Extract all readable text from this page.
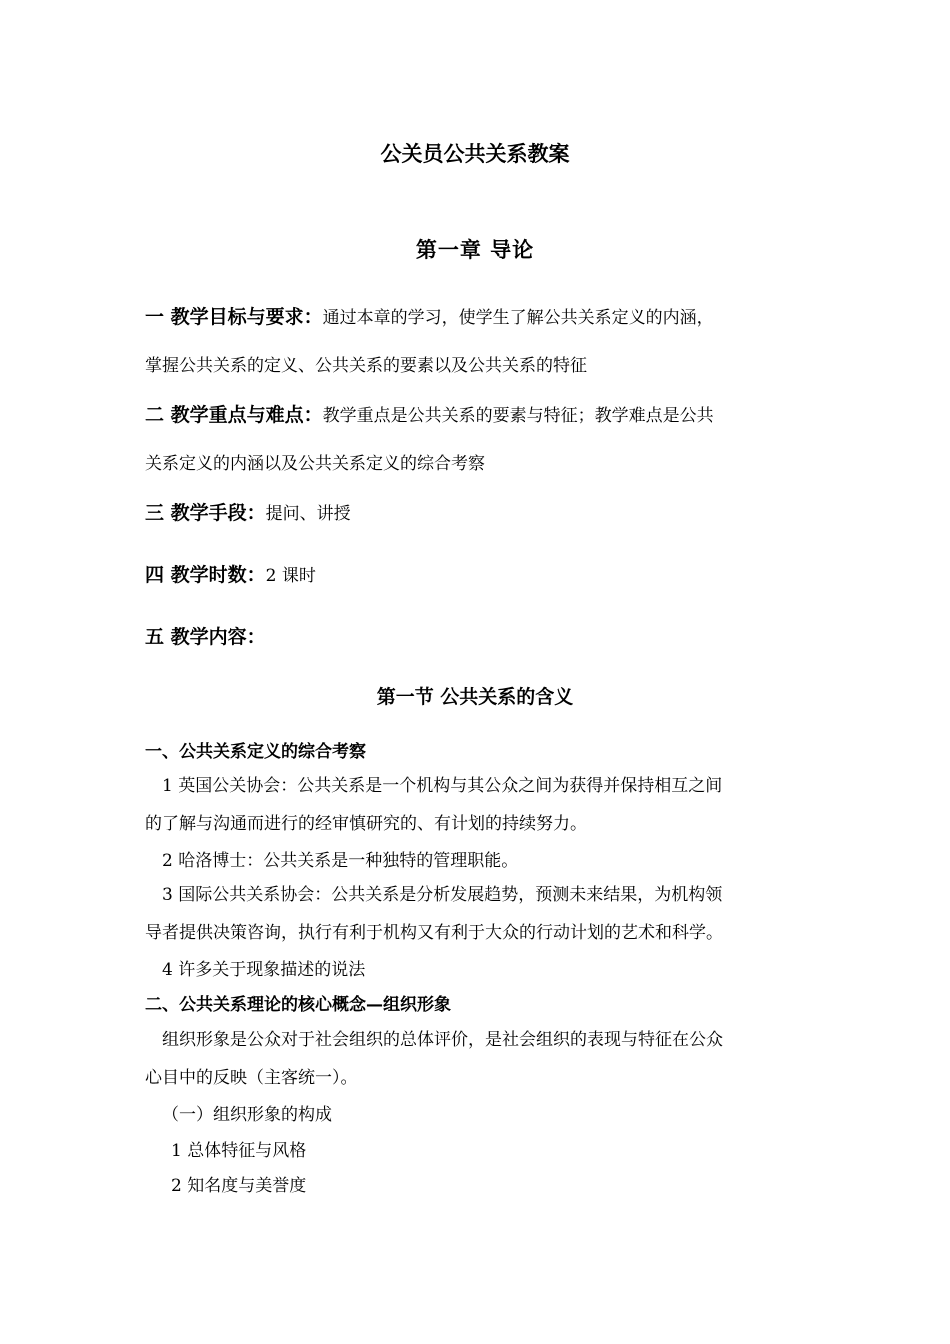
公关员公共关系教案
第一章 导论
一 教学目标与要求：通过本章的学习，使学生了解公共关系定义的内涵，
掌握公共关系的定义、公共关系的要素以及公共关系的特征
二 教学重点与难点：教学重点是公共关系的要素与特征；教学难点是公共
关系定义的内涵以及公共关系定义的综合考察
三 教学手段：提问、讲授
四 教学时数：2 课时
五 教学内容：
第一节 公共关系的含义
一、公共关系定义的综合考察
1 英国公关协会：公共关系是一个机构与其公众之间为获得并保持相互之间
的了解与沟通而进行的经审慎研究的、有计划的持续努力。
2 哈洛博士：公共关系是一种独特的管理职能。
3 国际公共关系协会：公共关系是分析发展趋势，预测未来结果，为机构领
导者提供决策咨询，执行有利于机构又有利于大众的行动计划的艺术和科学。
4 许多关于现象描述的说法
二、公共关系理论的核心概念—组织形象
组织形象是公众对于社会组织的总体评价，是社会组织的表现与特征在公众
心目中的反映（主客统一）。
（一）组织形象的构成
1 总体特征与风格
2 知名度与美誉度
